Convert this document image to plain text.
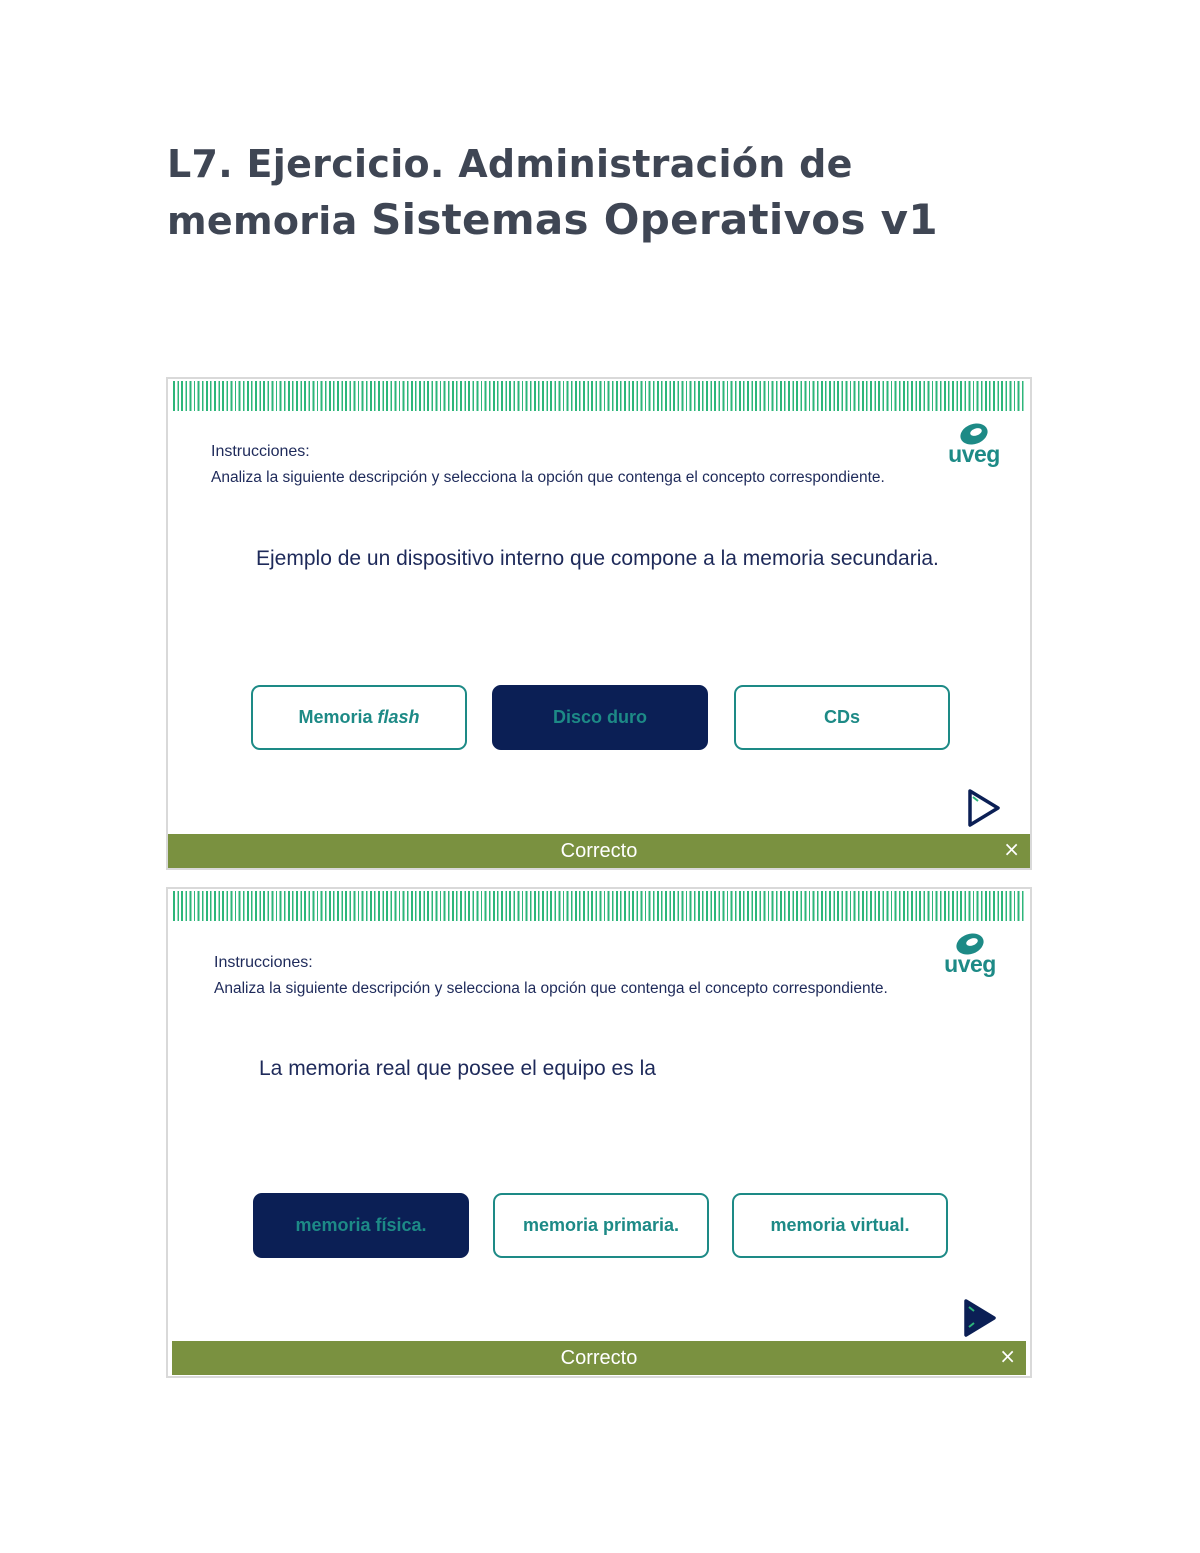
L7. Ejercicio. Administración de
memoria Sistemas Operativos v1
uveg
Instrucciones:
Analiza la siguiente descripción y selecciona la opción que contenga el concepto correspondiente.
Ejemplo de un dispositivo interno que compone a la memoria secundaria.
Memoria flash	Disco duro	CDs
Correcto	×
uveg
Instrucciones:
Analiza la siguiente descripción y selecciona la opción que contenga el concepto correspondiente.
La memoria real que posee el equipo es la
memoria física.	memoria primaria.	memoria virtual.
Correcto	×
